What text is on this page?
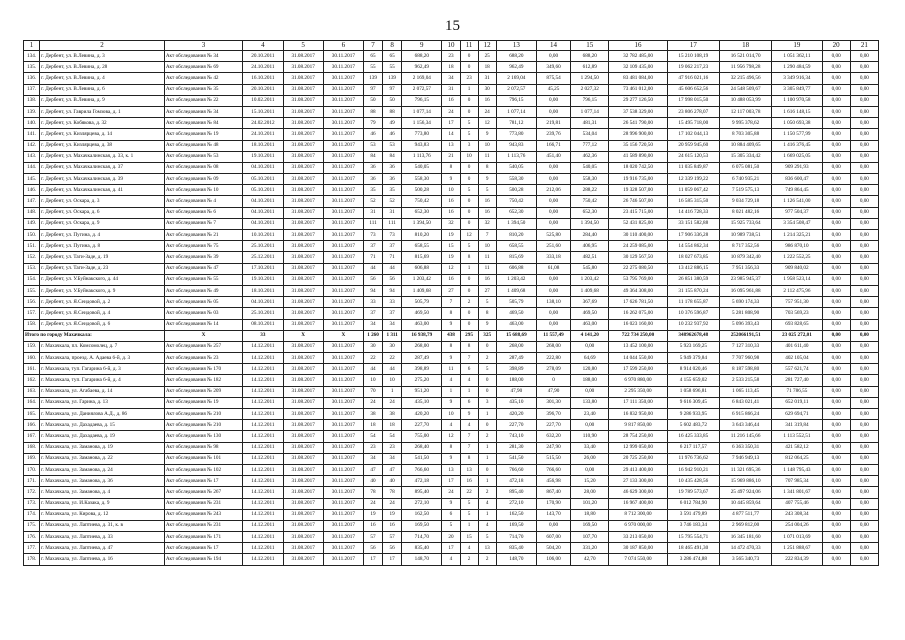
15
1	2	3	4	5	6	7	8	9	10	11	12	13	14	15	16	17	18	19	20	21
134.	г. Дербент, ул. В.Левина, д. 3	Акт обследования № 34	20.10.2011	31.08.2017	30.11.2017	65	65	688,20	23	0	25	688,20	0,00	688,20	32 782 485,00	15 210 108,19	16 521 014,70	1 051 362,11	0,00	0,00
135.	г. Дербент, ул. В.Левина, д. 28	Акт обследования № 69	24.10.2011	31.08.2017	30.11.2017	55	55	962,49	18	0	18	962,49	349,60	612,89	32 109 435,00	19 062 217,23	11 956 798,28	1 290 484,59	0,00	0,00
136.	г. Дербент, ул. В.Левина, д. 4	Акт обследования № 42	16.10.2011	31.08.2017	30.11.2017	139	139	2 169,04	34	23	31	2 169,04	875,54	1 294,50	83 481 084,00	47 916 021,16	32 215 496,56	3 349 916,34	0,00	0,00
137.	г. Дербент, ул. В.Левина, д. 6	Акт обследования № 35	20.10.2011	31.08.2017	30.11.2017	97	97	2 072,57	31	1	30	2 072,57	45,25	2 027,32	73 461 012,00	45 606 652,56	24 548 509,67	3 305 849,77	0,00	0,00
138.	г. Дербент, ул. В.Левина, д. 9	Акт обследования № 22	10.02.2011	31.08.2017	30.11.2017	50	50	796,15	16	0	16	796,15	0,00	796,15	29 277 126,50	17 998 015,50	10 488 053,99	1 100 970,58	0,00	0,00
139.	г. Дербент, ул. Гаврила Гомзова, д. 1	Акт обследования № 34	15.10.2011	31.08.2017	30.11.2017	88	88	1 077,14	24	0	24	1 077,14	0,00	1 077,14	37 538 329,00	23 806 278,07	12 117 003,78	1 616 148,15	0,00	0,00
140.	г. Дербент, ул. Кобякова, д. 32	Акт обследования № 84	24.02.2012	31.08.2017	30.11.2017	79	49	1 156,34	17	5	12	781,12	219,81	481,31	26 541 790,00	15 495 718,00	9 995 378,62	1 050 693,38	0,00	0,00
141.	г. Дербент, ул. Кизлярцева, д. 14	Акт обследования № 19	24.10.2011	31.08.2017	30.11.2017	46	46	773,80	14	5	9	773,80	239,76	534,04	28 996 900,00	17 102 044,13	8 703 305,88	1 150 577,99	0,00	0,00
142.	г. Дербент, ул. Кизлярцева, д. 38	Акт обследования № 48	18.10.2011	31.08.2017	30.11.2017	53	53	943,83	13	3	10	943,83	166,71	777,12	35 156 720,50	20 959 945,60	10 884 409,65	1 416 376,45	0,00	0,00
143.	г. Дербент, ул. Махачкалинская, д. 33, к. 1	Акт обследования № 53	19.10.2011	31.08.2017	30.11.2017	84	84	1 113,76	21	10	11	1 113,76	451,40	462,36	41 589 890,00	24 615 120,53	15 305 334,42	1 669 025,05	0,00	0,00
144.	г. Дербент, ул. Махачкалинская, д. 37	Акт обследования № 08	04.10.2011	31.08.2017	30.11.2017	36	36	540,05	8	0	8	540,05	0,00	540,05	18 020 742,50	11 035 849,87	6 075 081,50	909 291,93	0,00	0,00
145.	г. Дербент, ул. Махачкалинская, д. 39	Акт обследования № 09	05.10.2011	31.08.2017	30.11.2017	36	36	558,30	9	0	9	558,30	0,00	558,30	19 916 735,00	12 339 199,22	6 740 935,21	836 600,47	0,00	0,00
146.	г. Дербент, ул. Махачкалинская, д. 41	Акт обследования № 10	05.10.2011	31.08.2017	30.11.2017	35	35	500,28	10	5	5	500,28	212,06	288,22	19 328 507,00	11 059 067,42	7 519 575,13	749 864,45	0,00	0,00
147.	г. Дербент, ул. Оскара, д. 3	Акт обследования № 4	04.10.2011	31.08.2017	30.11.2017	52	52	750,42	16	0	16	750,42	0,00	750,42	26 746 507,00	16 585 315,50	9 034 729,18	1 126 541,00	0,00	0,00
148.	г. Дербент, ул. Оскара, д. 6	Акт обследования № 6	04.10.2011	31.08.2017	30.11.2017	31	31	652,30	16	0	16	652,30	0,00	652,30	23 415 715,00	14 416 728,33	8 021 482,16	977 504,37	0,00	0,00
149.	г. Дербент, ул. Оскара, д. 9	Акт обследования № 7	04.10.2011	31.08.2017	30.11.2017	111	111	1 394,50	32	0	32	1 394,50	0,00	1 394,50	52 431 825,00	33 151 582,88	15 925 733,64	3 354 508,47	0,00	0,00
150.	г. Дербент, ул. Пугина, д. 4	Акт обследования № 21	10.10.2011	31.08.2017	30.11.2017	73	73	810,20	19	12	7	810,20	525,80	284,40	30 110 400,00	17 906 336,28	10 989 738,51	1 214 325,21	0,00	0,00
151.	г. Дербент, ул. Пугина, д. 8	Акт обследования № 75	25.10.2011	31.08.2017	30.11.2017	37	37	658,55	15	5	10	658,55	251,60	406,95	24 259 085,00	14 554 862,34	8 717 352,56	986 870,10	0,00	0,00
152.	г. Дербент, ул. Таги-Заде, д. 19	Акт обследования № 39	25.12.2011	31.08.2017	30.11.2017	71	71	815,69	19	8	11	815,69	333,18	482,51	30 129 567,50	18 027 673,85	10 879 342,40	1 222 552,25	0,00	0,00
153.	г. Дербент, ул. Таги-Заде, д. 23	Акт обследования № 47	17.10.2011	31.08.2017	30.11.2017	44	44	606,88	12	1	11	606,88	61,08	545,80	22 275 080,50	13 412 886,15	7 951 356,33	909 840,02	0,00	0,00
154.	г. Дербент, ул. У.Буйнакского, д. 44	Акт обследования № 55	19.10.2011	31.08.2017	30.11.2017	56	56	1 203,42	16	0	16	1 203,42	0,00	1 203,42	53 795 769,00	26 851 380,59	23 985 945,37	1 958 523,14	0,00	0,00
155.	г. Дербент, ул. У.Буйнакского, д. 9	Акт обследования № 49	18.10.2011	31.08.2017	30.11.2017	94	94	1 409,68	27	0	27	1 409,68	0,00	1 409,68	49 364 308,00	31 155 870,24	16 095 961,88	2 112 475,96	0,00	0,00
156.	г. Дербент, ул. Я.Сеидовой, д. 2	Акт обследования № 05	04.10.2011	31.08.2017	30.11.2017	33	33	505,79	7	2	5	505,79	138,10	367,69	17 626 781,50	11 178 655,87	5 690 174,33	757 951,30	0,00	0,00
157.	г. Дербент, ул. Я.Сеидовой, д. 4	Акт обследования № 03	25.10.2011	31.08.2017	30.11.2017	37	37	469,50	8	0	8	469,50	0,00	469,50	16 262 075,00	10 376 596,87	5 281 808,90	703 569,23	0,00	0,00
158.	г. Дербент, ул. Я.Сеидовой, д. 6	Акт обследования № 14	08.10.2011	31.08.2017	30.11.2017	34	34	463,00	9	0	9	463,00	0,00	463,00	16 023 160,00	10 232 937,92	5 096 393,43	693 828,65	0,00	0,00
Итого по городу Махачкала:		X	33	X	X	1 260	1 311	16 938,79	438	295	325	15 688,69	11 557,49	4 141,20	722 734 250,00	348962678,48	252066191,51	23 025 272,01	0,00	0,00
159.	г. Махачкала, пл. Комсомолец, д. 7	Акт обследования № 257	14.12.2011	31.08.2017	30.11.2017	30	30	268,00	8	8	0	268,00	268,00	0,00	13 452 100,00	5 923 169,25	7 127 310,33	401 611,40	0,00	0,00
160.	г. Махачкала, проезд. А. Адаева 6-й, д. 3	Акт обследования № 23	14.12.2011	31.08.2017	30.11.2017	22	22	287,49	9	7	2	287,49	222,80	64,69	14 044 550,00	5 949 379,84	7 707 960,98	402 105,04	0,00	0,00
161.	г. Махачкала, туп. Гагарина 6-й, д. 3	Акт обследования № 170	14.12.2011	31.08.2017	30.11.2017	44	44	398,89	11	6	5	398,89	278,09	120,80	17 599 250,00	8 914 020,46	8 187 598,80	557 621,74	0,00	0,00
162.	г. Махачкала, туп. Гагарина 6-й, д. 4	Акт обследования № 182	14.12.2011	31.08.2017	30.11.2017	10	10	275,20	4	4	0	188,00	0	188,00	6 970 880,00	4 155 659,02	2 533 215,58	281 727,40	0,00	0,00
163.	г. Махачкала, ул. Агабаева, д. 14	Акт обследования № 209	14.12.2011	31.08.2017	30.11.2017	70	1	951,20	1	1	0	47,90	47,90	0,00	2 295 350,00	1 058 696,81	1 065 113,45	71 786,55	0,00	0,00
164.	г. Махачкала, ул. Гарина, д. 13	Акт обследования № 19	14.12.2011	31.08.2017	30.11.2017	24	24	435,10	9	6	3	435,10	301,30	133,80	17 111 350,00	9 616 309,45	6 843 021,41	652 019,11	0,00	0,00
165.	г. Махачкала, ул. Даниялова А.Д., д. 86	Акт обследования № 210	14.12.2011	31.08.2017	30.11.2017	38	38	420,20	10	9	1	420,20	396,70	23,40	16 832 950,00	9 286 933,95	6 915 866,24	629 694,71	0,00	0,00
166.	г. Махачкала, ул. Дахадаева, д. 15	Акт обследования № 210	14.12.2011	31.08.2017	30.11.2017	18	18	227,70	4	4	0	227,70	227,70	0,00	9 817 850,00	5 602 483,72	3 643 346,44	341 319,84	0,00	0,00
167.	г. Махачкала, ул. Дахадаева, д. 19	Акт обследования № 130	14.12.2011	31.08.2017	30.11.2017	54	54	755,00	12	7	2	743,10	632,20	110,90	28 754 250,00	16 425 333,85	11 216 145,66	1 113 552,51	0,00	0,00
168.	г. Махачкала, ул. Заманова, д. 19	Акт обследования № 98	14.12.2011	31.08.2017	30.11.2017	23	23	268,40	8	7	1	281,30	247,90	33,40	12 999 050,00	6 217 117,57	6 363 350,31	421 582,12	0,00	0,00
169.	г. Махачкала, ул. Заманова, д. 22	Акт обследования № 101	14.12.2011	31.08.2017	30.11.2017	34	34	541,50	9	8	1	541,50	515,50	26,00	20 725 250,00	11 976 736,62	7 946 949,13	812 064,25	0,00	0,00
170.	г. Махачкала, ул. Заманова, д. 24	Акт обследования № 102	14.12.2011	31.08.2017	30.11.2017	47	47	766,60	13	13	0	766,60	766,60	0,00	29 413 400,00	16 942 910,21	11 321 695,36	1 148 795,43	0,00	0,00
171.	г. Махачкала, ул. Заманова, д. 36	Акт обследования № 17	14.12.2011	31.08.2017	30.11.2017	40	40	472,18	17	16	1	472,18	456,98	15,20	27 133 300,00	10 435 428,56	15 969 886,10	707 985,34	0,00	0,00
172.	г. Махачкала, ул. Заманова, д. 4	Акт обследования № 267	14.12.2011	31.08.2017	30.11.2017	78	78	895,40	24	22	2	895,40	867,40	28,00	46 629 300,00	19 789 573,67	25 497 924,06	1 341 801,67	0,00	0,00
173.	г. Махачкала, ул. И.Казака, д. 9	Акт обследования № 231	14.12.2011	31.08.2017	30.11.2017	24	24	272,10	9	5	4	272,10	170,90	101,20	16 967 400,00	6 012 784,90	10 445 859,64	407 755,46	0,00	0,00
174.	г. Махачкала, ул. Кирова, д. 12	Акт обследования № 243	14.12.2011	31.08.2017	30.11.2017	19	19	162,50	6	5	1	162,50	143,70	18,80	8 712 300,00	3 591 479,89	4 877 511,77	243 308,34	0,00	0,00
175.	г. Махачкала, ул. Лаптиева, д. 31, к. в	Акт обследования № 231	14.12.2011	31.08.2017	30.11.2017	16	16	169,50	5	1	4	169,50	0,00	169,50	6 970 000,00	3 746 183,34	2 969 812,00	254 004,26	0,00	0,00
176.	г. Махачкала, ул. Лаптиева, д. 33	Акт обследования № 171	14.12.2011	31.08.2017	30.11.2017	57	57	714,70	20	15	5	714,70	607,00	107,70	33 213 050,00	15 795 554,71	16 345 181,60	1 071 013,69	0,00	0,00
177.	г. Махачкала, ул. Лаптиева, д. 47	Акт обследования № 17	14.12.2011	31.08.2017	30.11.2017	56	56	835,40	17	4	13	835,40	504,20	331,20	30 187 850,00	18 465 491,30	14 472 470,33	1 251 888,67	0,00	0,00
178.	г. Махачкала, ул. Лаптиева, д. 16	Акт обследования № 194	14.12.2011	31.08.2017	30.11.2017	17	17	148,70	4	2	2	148,70	106,00	42,70	7 074 550,00	3 286 474,88	3 565 340,73	222 834,39	0,00	0,00
